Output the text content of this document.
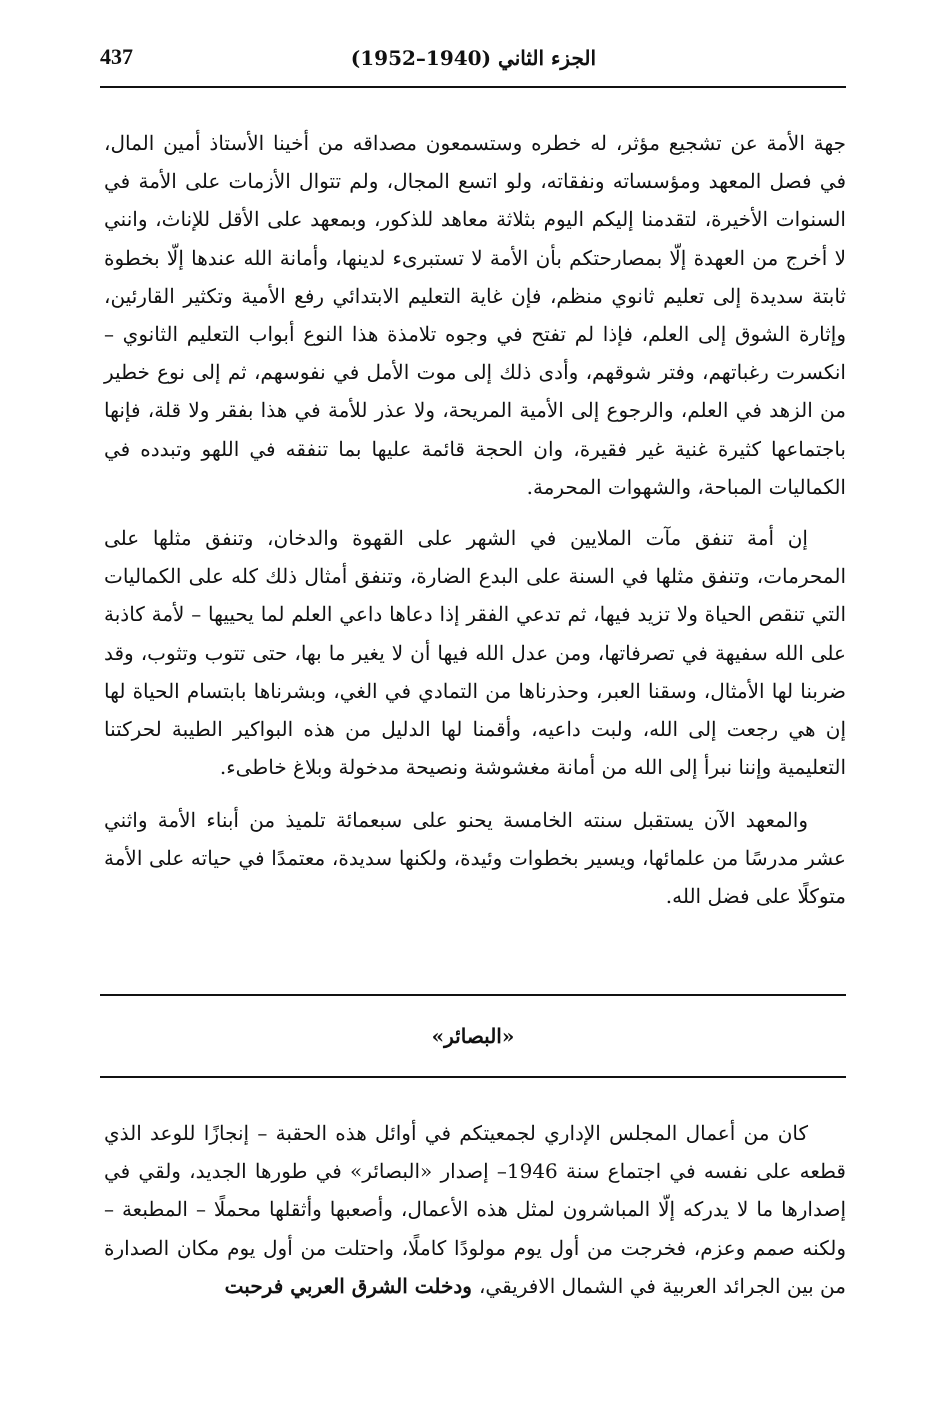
437	الجزء الثاني (1940–1952)

جهة الأمة عن تشجيع مؤثر، له خطره وستسمعون مصداقه من أخينا الأستاذ أمين المال، في فصل المعهد ومؤسساته ونفقاته، ولو اتسع المجال، ولم تتوال الأزمات على الأمة في السنوات الأخيرة، لتقدمنا إليكم اليوم بثلاثة معاهد للذكور، وبمعهد على الأقل للإناث، وانني لا أخرج من العهدة إلّا بمصارحتكم بأن الأمة لا تستبرىء لدينها، وأمانة الله عندها إلّا بخطوة ثابتة سديدة إلى تعليم ثانوي منظم، فإن غاية التعليم الابتدائي رفع الأمية وتكثير القارئين، وإثارة الشوق إلى العلم، فإذا لم تفتح في وجوه تلامذة هذا النوع أبواب التعليم الثانوي – انكسرت رغباتهم، وفتر شوقهم، وأدى ذلك إلى موت الأمل في نفوسهم، ثم إلى نوع خطير من الزهد في العلم، والرجوع إلى الأمية المريحة، ولا عذر للأمة في هذا بفقر ولا قلة، فإنها باجتماعها كثيرة غنية غير فقيرة، وان الحجة قائمة عليها بما تنفقه في اللهو وتبدده في الكماليات المباحة، والشهوات المحرمة.

إن أمة تنفق مآت الملايين في الشهر على القهوة والدخان، وتنفق مثلها على المحرمات، وتنفق مثلها في السنة على البدع الضارة، وتنفق أمثال ذلك كله على الكماليات التي تنقص الحياة ولا تزيد فيها، ثم تدعي الفقر إذا دعاها داعي العلم لما يحييها – لأمة كاذبة على الله سفيهة في تصرفاتها، ومن عدل الله فيها أن لا يغير ما بها، حتى تتوب وتثوب، وقد ضربنا لها الأمثال، وسقنا العبر، وحذرناها من التمادي في الغي، وبشرناها بابتسام الحياة لها إن هي رجعت إلى الله، ولبت داعيه، وأقمنا لها الدليل من هذه البواكير الطيبة لحركتنا التعليمية وإننا نبرأ إلى الله من أمانة مغشوشة ونصيحة مدخولة وبلاغ خاطىء.

والمعهد الآن يستقبل سنته الخامسة يحنو على سبعمائة تلميذ من أبناء الأمة واثني عشر مدرسًا من علمائها، ويسير بخطوات وئيدة، ولكنها سديدة، معتمدًا في حياته على الأمة متوكلًا على فضل الله.

«البصائر»

كان من أعمال المجلس الإداري لجمعيتكم في أوائل هذه الحقبة – إنجازًا للوعد الذي قطعه على نفسه في اجتماع سنة 1946– إصدار «البصائر» في طورها الجديد، ولقي في إصدارها ما لا يدركه إلّا المباشرون لمثل هذه الأعمال، وأصعبها وأثقلها محملًا – المطبعة – ولكنه صمم وعزم، فخرجت من أول يوم مولودًا كاملًا، واحتلت من أول يوم مكان الصدارة من بين الجرائد العربية في الشمال الافريقي، ودخلت الشرق العربي فرحبت
